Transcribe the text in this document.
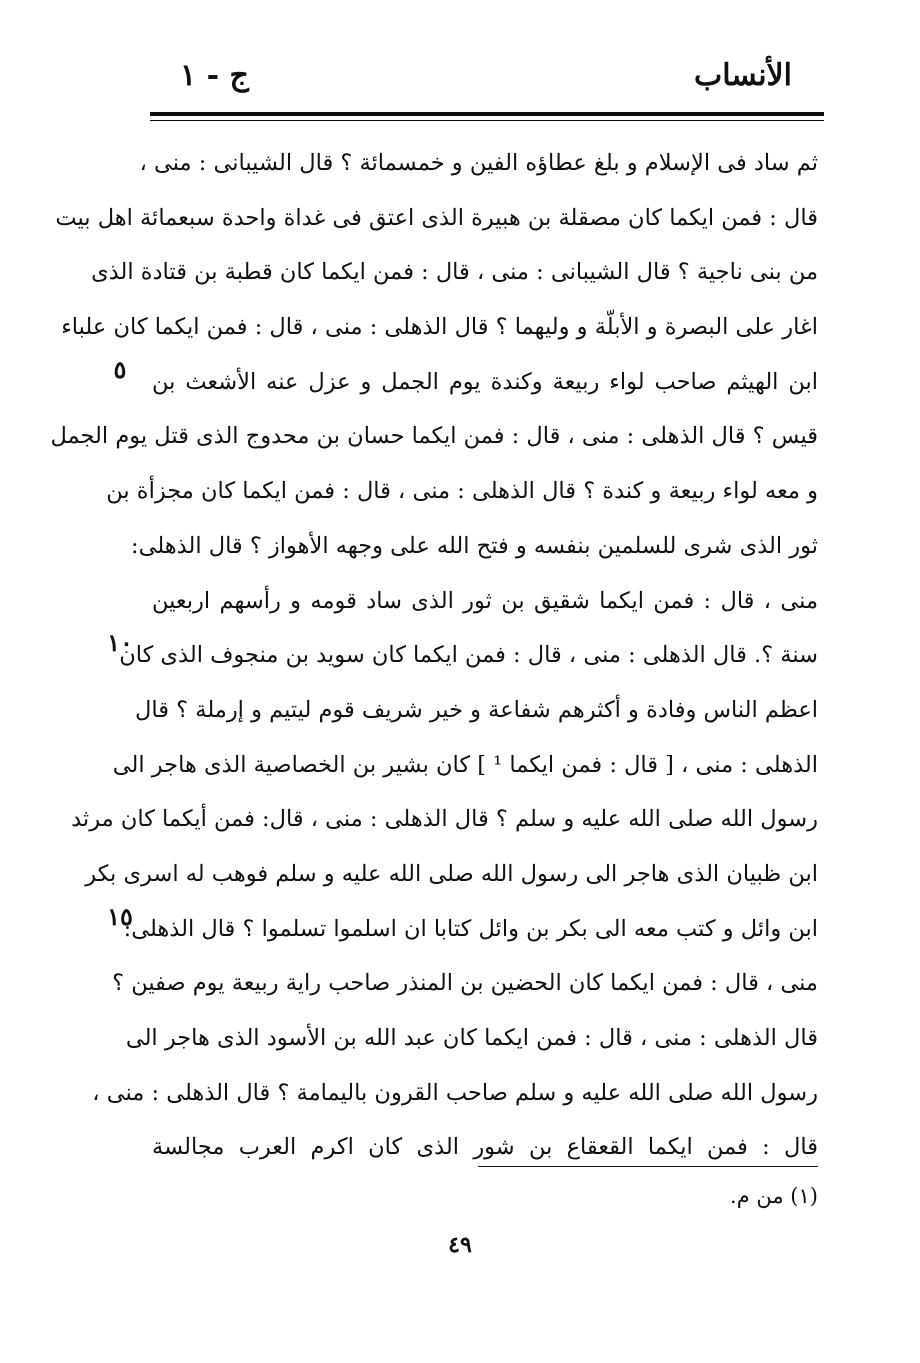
الأنساب
ج - ١
ثم ساد فى الإسلام و بلغ عطاؤه الفين و خمسمائة ؟ قال الشيبانى : منى ،
قال : فمن ايكما كان مصقلة بن هبيرة الذى اعتق فى غداة واحدة سبعمائة اهل بيت
من بنى ناجية ؟ قال الشيبانى : منى ، قال : فمن ايكما كان قطبة بن قتادة الذى
اغار على البصرة و الأبلّة و وليهما ؟ قال الذهلى : منى ، قال : فمن ايكما كان علباء
ابن الهيثم صاحب لواء ربيعة وكندة يوم الجمل و عزل عنه الأشعث بن
قيس ؟ قال الذهلى : منى ، قال : فمن ايكما حسان بن محدوج الذى قتل يوم الجمل
و معه لواء ربيعة و كندة ؟ قال الذهلى : منى ، قال : فمن ايكما كان مجزأة بن
ثور الذى شرى للسلمين بنفسه و فتح الله على وجهه الأهواز ؟ قال الذهلى:
منى ، قال : فمن ايكما شقيق بن ثور الذى ساد قومه و رأسهم اربعين
سنة ؟. قال الذهلى : منى ، قال : فمن ايكما كان سويد بن منجوف الذى كان
اعظم الناس وفادة و أكثرهم شفاعة و خير شريف قوم ليتيم و إرملة ؟ قال
الذهلى : منى ، [ قال : فمن ايكما ¹ ] كان بشير بن الخصاصية الذى هاجر الى
رسول الله صلى الله عليه و سلم ؟ قال الذهلى : منى ، قال: فمن أيكما كان مرثد
ابن ظبيان الذى هاجر الى رسول الله صلى الله عليه و سلم فوهب له اسرى بكر
ابن وائل و كتب معه الى بكر بن وائل كتابا ان اسلموا تسلموا ؟ قال الذهلى:
منى ، قال : فمن ايكما كان الحضين بن المنذر صاحب راية ربيعة يوم صفين ؟
قال الذهلى : منى ، قال : فمن ايكما كان عبد الله بن الأسود الذى هاجر الى
رسول الله صلى الله عليه و سلم صاحب القرون باليمامة ؟ قال الذهلى : منى ،
قال : فمن ايكما القعقاع بن شور الذى كان اكرم العرب مجالسة
٥
١٠
١٥
(١) من م.
٤٩
